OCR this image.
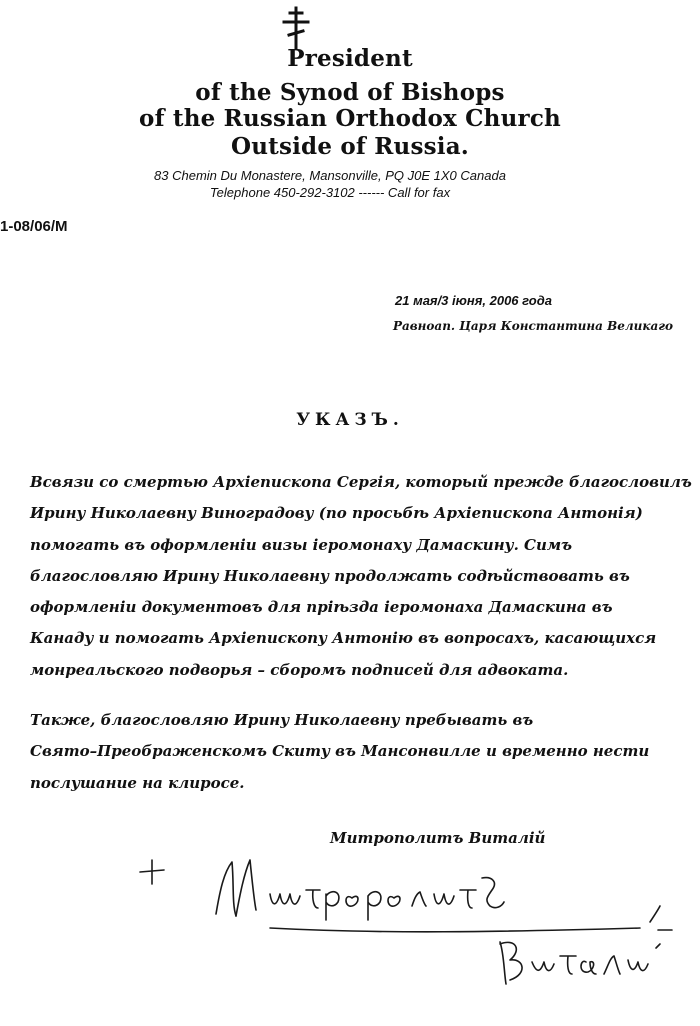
President
of the Synod of Bishops
of the Russian Orthodox Church
Outside of Russia.
83 Chemin Du Monastere, Mansonville, PQ J0E 1X0 Canada
Telephone 450-292-3102 ------ Call for fax
1-08/06/M
21 мая/3 іюня, 2006 года
Равноап. Царя Константина Великаго
УКАЗЪ.
Всвязи со смертью Архіепископа Сергія, который прежде благословилъ
Ирину Николаевну Виноградову (по просьбѣ Архіепископа Антонія)
помогать въ оформленіи визы іеромонаху Дамаскину. Симъ
благословляю Ирину Николаевну продолжать содѣйствовать въ
оформленіи документовъ для пріѣзда іеромонаха Дамаскина въ
Канаду и помогать Архіепископу Антонію въ вопросахъ, касающихся
монреальского подворья – сборомъ подписей для адвоката.
Также, благословляю Ирину Николаевну пребывать въ
Свято–Преображенскомъ Скиту въ Мансонвилле и временно нести
послушание на клиросе.
Митрополитъ Виталій
